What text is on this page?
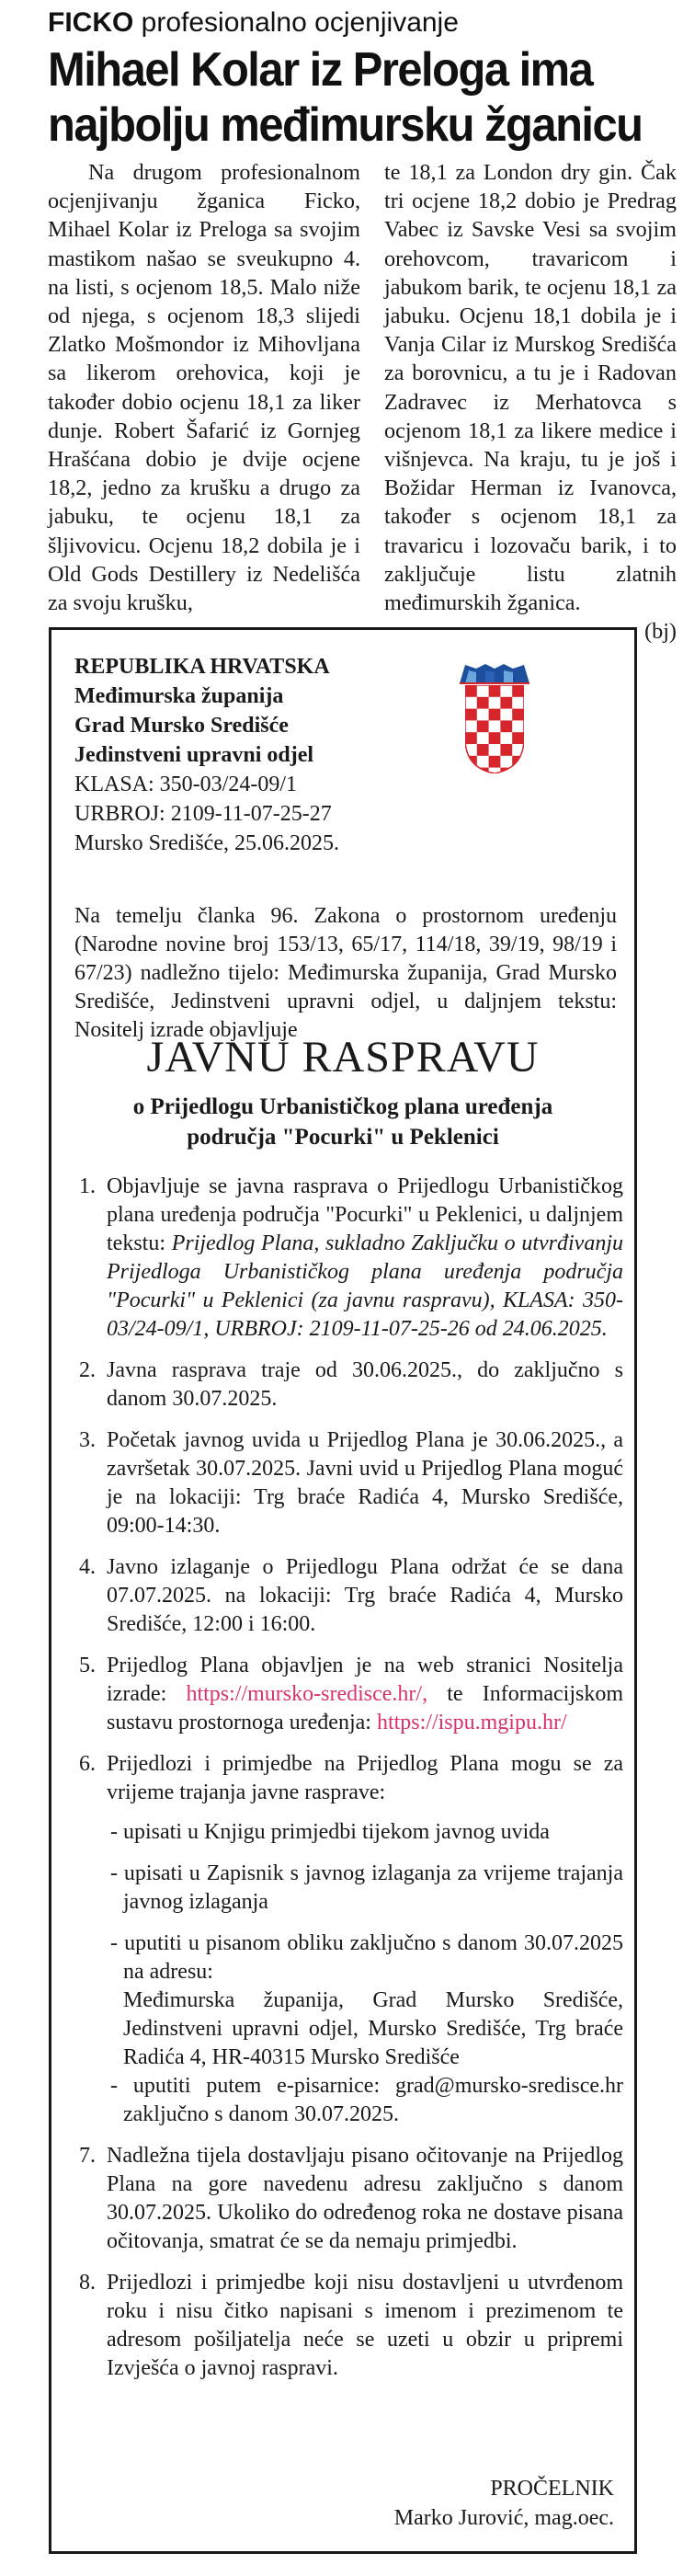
FICKO profesionalno ocjenjivanje
Mihael Kolar iz Preloga ima
najbolju međimursku žganicu

Na drugom profesionalnom ocjenjivanju žganica Ficko, Mihael Kolar iz Preloga sa svojim mastikom našao se sveukupno 4. na listi, s ocjenom 18,5. Malo niže od njega, s ocjenom 18,3 slijedi Zlatko Mošmondor iz Mihovljana sa likerom orehovica, koji je također dobio ocjenu 18,1 za liker dunje. Robert Šafarić iz Gornjeg Hrašćana dobio je dvije ocjene 18,2, jedno za krušku a drugo za jabuku, te ocjenu 18,1 za šljivovicu. Ocjenu 18,2 dobila je i Old Gods Destillery iz Nedelišća za svoju krušku,

te 18,1 za London dry gin. Čak tri ocjene 18,2 dobio je Predrag Vabec iz Savske Vesi sa svojim orehovcom, travaricom i jabukom barik, te ocjenu 18,1 za jabuku. Ocjenu 18,1 dobila je i Vanja Cilar iz Murskog Središća za borovnicu, a tu je i Radovan Zadravec iz Merhatovca s ocjenom 18,1 za likere medice i višnjevca. Na kraju, tu je još i Božidar Herman iz Ivanovca, također s ocjenom 18,1 za travaricu i lozovaču barik, i to zaključuje listu zlatnih međimurskih žganica.

(bj)

REPUBLIKA HRVATSKA
Međimurska županija
Grad Mursko Središće
Jedinstveni upravni odjel
KLASA: 350-03/24-09/1
URBROJ: 2109-11-07-25-27
Mursko Središće, 25.06.2025.
Na temelju članka 96. Zakona o prostornom uređenju (Narodne novine broj 153/13, 65/17, 114/18, 39/19, 98/19 i 67/23) nadležno tijelo: Međimurska županija, Grad Mursko Središće, Jedinstveni upravni odjel, u daljnjem tekstu: Nositelj izrade objavljuje
JAVNU RASPRAVU
o Prijedlogu Urbanističkog plana uređenja
područja "Pocurki" u Peklenici
1. Objavljuje se javna rasprava o Prijedlogu Urbanističkog plana uređenja područja "Pocurki" u Peklenici, u daljnjem tekstu: Prijedlog Plana, sukladno Zaključku o utvrđivanju Prijedloga Urbanističkog plana uređenja područja "Pocurki" u Peklenici (za javnu raspravu), KLASA: 350- 03/24-09/1, URBROJ: 2109-11-07-25-26 od 24.06.2025.
2. Javna rasprava traje od 30.06.2025., do zaključno s danom 30.07.2025.
3. Početak javnog uvida u Prijedlog Plana je 30.06.2025., a završetak 30.07.2025. Javni uvid u Prijedlog Plana moguć je na lokaciji: Trg braće Radića 4, Mursko Središće, 09:00-14:30.
4. Javno izlaganje o Prijedlogu Plana održat će se dana 07.07.2025. na lokaciji: Trg braće Radića 4, Mursko Središće, 12:00 i 16:00.
5. Prijedlog Plana objavljen je na web stranici Nositelja izrade: https://mursko-sredisce.hr/, te Informacijskom sustavu prostornoga uređenja: https://ispu.mgipu.hr/
6. Prijedlozi i primjedbe na Prijedlog Plana mogu se za vrijeme trajanja javne rasprave:
- upisati u Knjigu primjedbi tijekom javnog uvida
- upisati u Zapisnik s javnog izlaganja za vrijeme trajanja javnog izlaganja
- uputiti u pisanom obliku zaključno s danom 30.07.2025 na adresu:
Međimurska županija, Grad Mursko Središće, Jedinstveni upravni odjel, Mursko Središće, Trg braće Radića 4, HR-40315 Mursko Središće
- uputiti putem e-pisarnice: grad@mursko-sredisce.hr zaključno s danom 30.07.2025.
7. Nadležna tijela dostavljaju pisano očitovanje na Prijedlog Plana na gore navedenu adresu zaključno s danom 30.07.2025. Ukoliko do određenog roka ne dostave pisana očitovanja, smatrat će se da nemaju primjedbi.
8. Prijedlozi i primjedbe koji nisu dostavljeni u utvrđenom roku i nisu čitko napisani s imenom i prezimenom te adresom pošiljatelja neće se uzeti u obzir u pripremi Izvješća o javnoj raspravi.
PROČELNIK
Marko Jurović, mag.oec.
